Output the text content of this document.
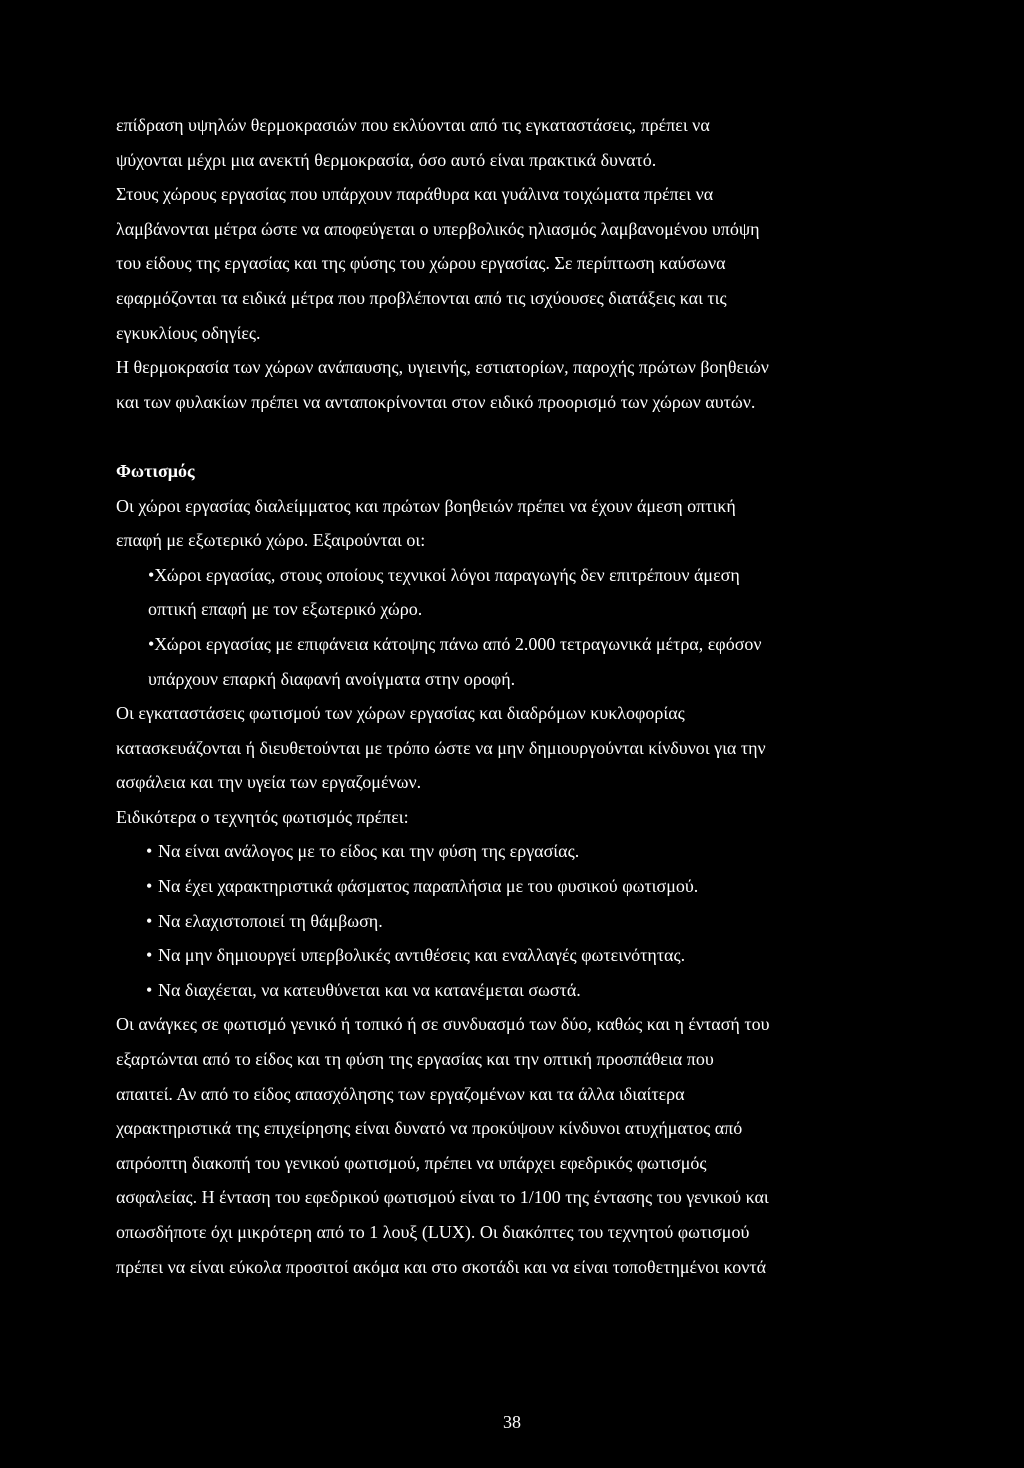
επίδραση υψηλών θερμοκρασιών που εκλύονται από τις εγκαταστάσεις, πρέπει να
ψύχονται μέχρι μια ανεκτή θερμοκρασία, όσο αυτό είναι πρακτικά δυνατό.
Στους χώρους εργασίας που υπάρχουν παράθυρα και γυάλινα τοιχώματα πρέπει να
λαμβάνονται μέτρα ώστε να αποφεύγεται ο υπερβολικός ηλιασμός λαμβανομένου υπόψη
του είδους της εργασίας και της φύσης του χώρου εργασίας. Σε περίπτωση καύσωνα
εφαρμόζονται τα ειδικά μέτρα που προβλέπονται από τις ισχύουσες διατάξεις και τις
εγκυκλίους οδηγίες.
Η θερμοκρασία των χώρων ανάπαυσης, υγιεινής, εστιατορίων, παροχής πρώτων βοηθειών
και των φυλακίων πρέπει να ανταποκρίνονται στον ειδικό προορισμό των χώρων αυτών.
Φωτισμός
Οι χώροι εργασίας διαλείμματος και πρώτων βοηθειών πρέπει να έχουν άμεση οπτική
επαφή με εξωτερικό χώρο. Εξαιρούνται οι:
•Χώροι εργασίας, στους οποίους τεχνικοί λόγοι παραγωγής δεν επιτρέπουν άμεση
οπτική επαφή με τον εξωτερικό χώρο.
•Χώροι εργασίας με επιφάνεια κάτοψης πάνω από 2.000 τετραγωνικά μέτρα, εφόσον
υπάρχουν επαρκή διαφανή ανοίγματα στην οροφή.
Οι εγκαταστάσεις φωτισμού των χώρων εργασίας και διαδρόμων κυκλοφορίας
κατασκευάζονται ή διευθετούνται με τρόπο ώστε να μην δημιουργούνται κίνδυνοι για την
ασφάλεια και την υγεία των εργαζομένων.
Ειδικότερα ο τεχνητός φωτισμός πρέπει:
• Να είναι ανάλογος με το είδος και την φύση της εργασίας.
• Να έχει χαρακτηριστικά φάσματος παραπλήσια με του φυσικού φωτισμού.
• Να ελαχιστοποιεί τη θάμβωση.
• Να μην δημιουργεί υπερβολικές αντιθέσεις και εναλλαγές φωτεινότητας.
• Να διαχέεται, να κατευθύνεται και να κατανέμεται σωστά.
Οι ανάγκες σε φωτισμό γενικό ή τοπικό ή σε συνδυασμό των δύο, καθώς και η έντασή του
εξαρτώνται από το είδος και τη φύση της εργασίας και την οπτική προσπάθεια που
απαιτεί. Αν από το είδος απασχόλησης των εργαζομένων και τα άλλα ιδιαίτερα
χαρακτηριστικά της επιχείρησης είναι δυνατό να προκύψουν κίνδυνοι ατυχήματος από
απρόοπτη διακοπή του γενικού φωτισμού, πρέπει να υπάρχει εφεδρικός φωτισμός
ασφαλείας. Η ένταση του εφεδρικού φωτισμού είναι το 1/100 της έντασης του γενικού και
οπωσδήποτε όχι μικρότερη από το 1 λουξ (LUX). Οι διακόπτες του τεχνητού φωτισμού
πρέπει να είναι εύκολα προσιτοί ακόμα και στο σκοτάδι και να είναι τοποθετημένοι κοντά
38
